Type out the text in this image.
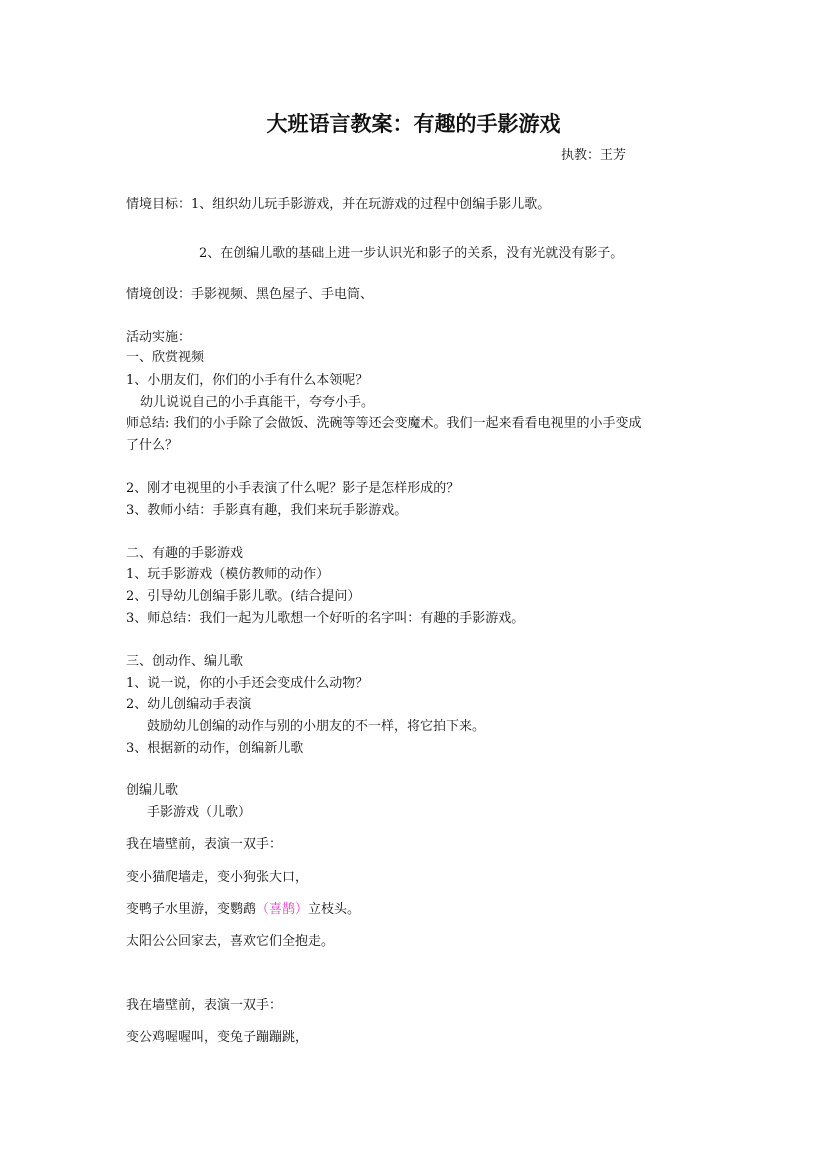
大班语言教案：有趣的手影游戏
执教：王芳
情境目标：1、组织幼儿玩手影游戏，并在玩游戏的过程中创编手影儿歌。
2、在创编儿歌的基础上进一步认识光和影子的关系，没有光就没有影子。
情境创设：手影视频、黑色屋子、手电筒、
活动实施：
一、欣赏视频
1、小朋友们，你们的小手有什么本领呢？
幼儿说说自己的小手真能干，夸夸小手。
师总结: 我们的小手除了会做饭、洗碗等等还会变魔术。我们一起来看看电视里的小手变成
了什么？
2、刚才电视里的小手表演了什么呢？影子是怎样形成的？
3、教师小结：手影真有趣，我们来玩手影游戏。
二、有趣的手影游戏
1、玩手影游戏（模仿教师的动作）
2、引导幼儿创编手影儿歌。(结合提问）
3、师总结：我们一起为儿歌想一个好听的名字叫：有趣的手影游戏。
三、创动作、编儿歌
1、说一说，你的小手还会变成什么动物？
2、幼儿创编动手表演
鼓励幼儿创编的动作与别的小朋友的不一样，将它拍下来。
3、根据新的动作，创编新儿歌
创编儿歌
手影游戏（儿歌）
我在墙壁前，表演一双手：
变小猫爬墙走，变小狗张大口，
变鸭子水里游，变鹦鹉（喜鹊）立枝头。
太阳公公回家去，喜欢它们全抱走。
我在墙壁前，表演一双手：
变公鸡喔喔叫，变兔子蹦蹦跳，
